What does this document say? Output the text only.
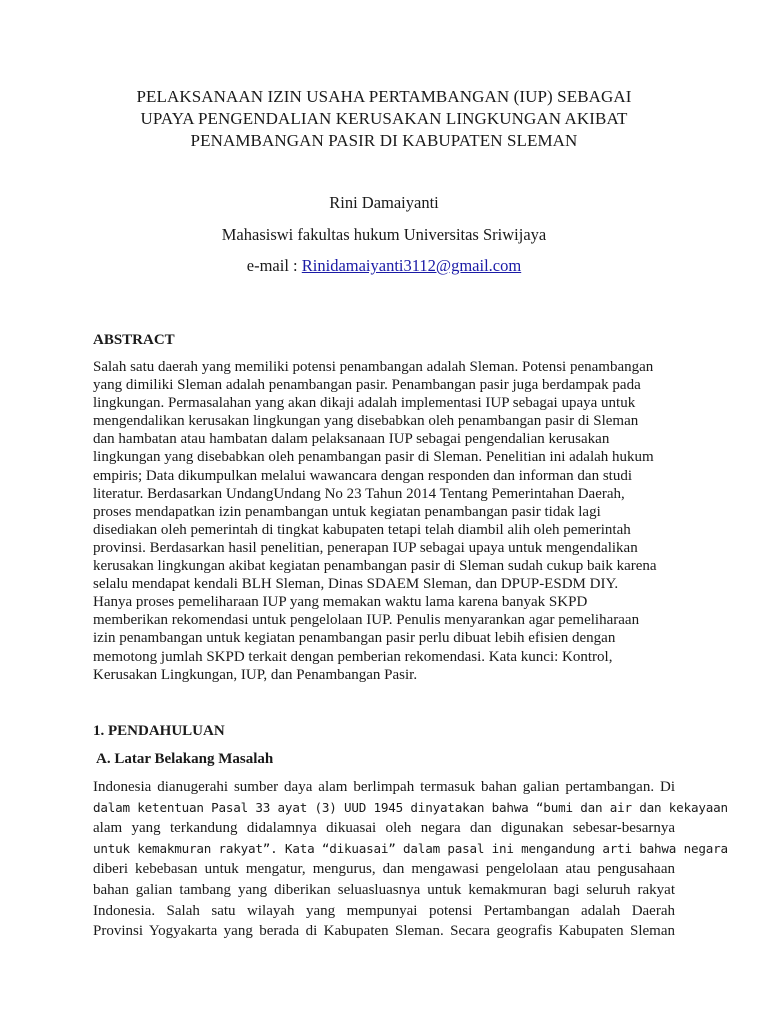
PELAKSANAAN IZIN USAHA PERTAMBANGAN (IUP) SEBAGAI
UPAYA PENGENDALIAN KERUSAKAN LINGKUNGAN AKIBAT
PENAMBANGAN PASIR DI KABUPATEN SLEMAN
Rini Damaiyanti
Mahasiswi fakultas hukum Universitas Sriwijaya
e-mail : Rinidamaiyanti3112@gmail.com
ABSTRACT
Salah satu daerah yang memiliki potensi penambangan adalah Sleman. Potensi penambangan
yang dimiliki Sleman adalah penambangan pasir. Penambangan pasir juga berdampak pada
lingkungan. Permasalahan yang akan dikaji adalah implementasi IUP sebagai upaya untuk
mengendalikan kerusakan lingkungan yang disebabkan oleh penambangan pasir di Sleman
dan hambatan atau hambatan dalam pelaksanaan IUP sebagai pengendalian kerusakan
lingkungan yang disebabkan oleh penambangan pasir di Sleman. Penelitian ini adalah hukum
empiris; Data dikumpulkan melalui wawancara dengan responden dan informan dan studi
literatur. Berdasarkan UndangUndang No 23 Tahun 2014 Tentang Pemerintahan Daerah,
proses mendapatkan izin penambangan untuk kegiatan penambangan pasir tidak lagi
disediakan oleh pemerintah di tingkat kabupaten tetapi telah diambil alih oleh pemerintah
provinsi. Berdasarkan hasil penelitian, penerapan IUP sebagai upaya untuk mengendalikan
kerusakan lingkungan akibat kegiatan penambangan pasir di Sleman sudah cukup baik karena
selalu mendapat kendali BLH Sleman, Dinas SDAEM Sleman, dan DPUP-ESDM DIY.
Hanya proses pemeliharaan IUP yang memakan waktu lama karena banyak SKPD
memberikan rekomendasi untuk pengelolaan IUP. Penulis menyarankan agar pemeliharaan
izin penambangan untuk kegiatan penambangan pasir perlu dibuat lebih efisien dengan
memotong jumlah SKPD terkait dengan pemberian rekomendasi. Kata kunci: Kontrol,
Kerusakan Lingkungan, IUP, dan Penambangan Pasir.
1. PENDAHULUAN
A. Latar Belakang Masalah
Indonesia dianugerahi sumber daya alam berlimpah termasuk bahan galian pertambangan. Di
dalam ketentuan Pasal 33 ayat (3) UUD 1945 dinyatakan bahwa “bumi dan air dan kekayaan
alam yang terkandung didalamnya dikuasai oleh negara dan digunakan sebesar-besarnya
untuk kemakmuran rakyat”. Kata “dikuasai” dalam pasal ini mengandung arti bahwa negara
diberi kebebasan untuk mengatur, mengurus, dan mengawasi pengelolaan atau pengusahaan
bahan galian tambang yang diberikan seluasluasnya untuk kemakmuran bagi seluruh rakyat
Indonesia. Salah satu wilayah yang mempunyai potensi Pertambangan adalah Daerah
Provinsi Yogyakarta yang berada di Kabupaten Sleman. Secara geografis Kabupaten Sleman
